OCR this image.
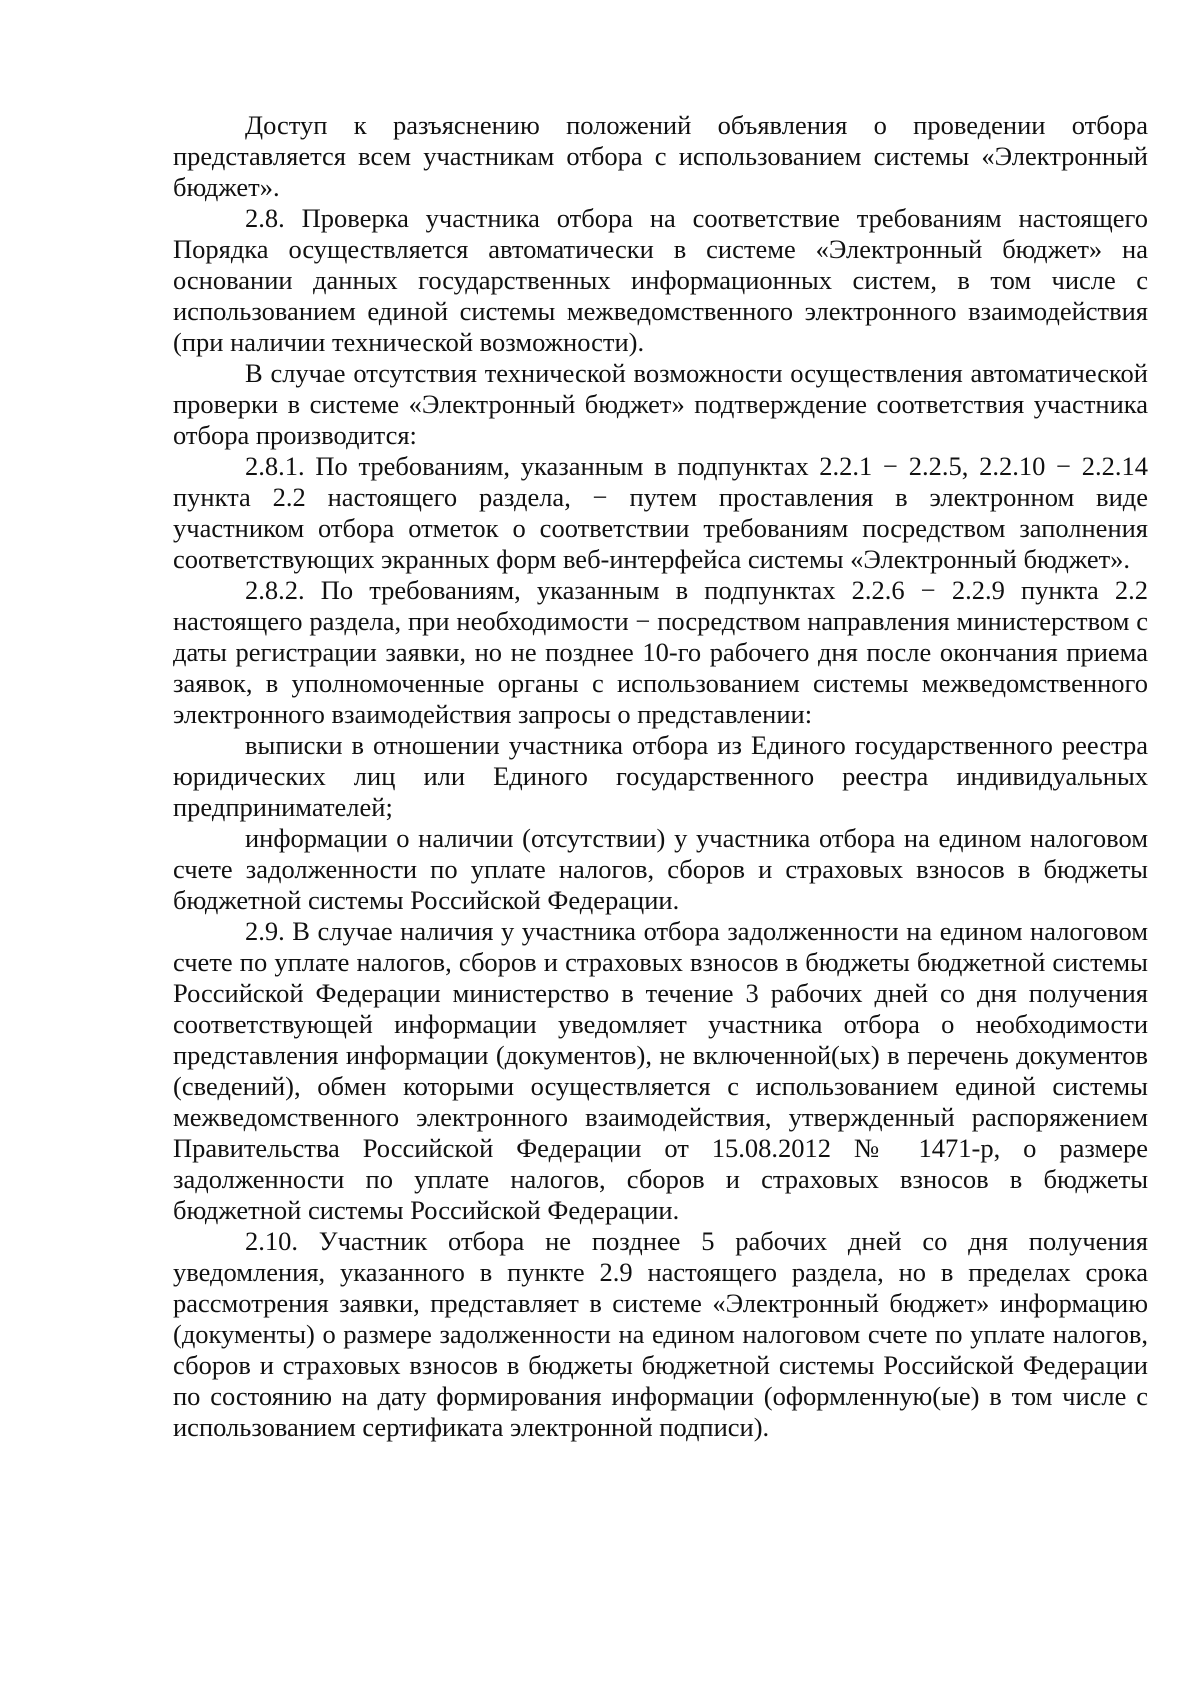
Доступ к разъяснению положений объявления о проведении отбора представляется всем участникам отбора с использованием системы «Электронный бюджет».

2.8. Проверка участника отбора на соответствие требованиям настоящего Порядка осуществляется автоматически в системе «Электронный бюджет» на основании данных государственных информационных систем, в том числе с использованием единой системы межведомственного электронного взаимодействия (при наличии технической возможности).

В случае отсутствия технической возможности осуществления автоматической проверки в системе «Электронный бюджет» подтверждение соответствия участника отбора производится:

2.8.1. По требованиям, указанным в подпунктах 2.2.1 − 2.2.5, 2.2.10 − 2.2.14 пункта 2.2 настоящего раздела, − путем проставления в электронном виде участником отбора отметок о соответствии требованиям посредством заполнения соответствующих экранных форм веб-интерфейса системы «Электронный бюджет».

2.8.2. По требованиям, указанным в подпунктах 2.2.6 − 2.2.9 пункта 2.2 настоящего раздела, при необходимости − посредством направления министерством с даты регистрации заявки, но не позднее 10-го рабочего дня после окончания приема заявок, в уполномоченные органы с использованием системы межведомственного электронного взаимодействия запросы о представлении:

выписки в отношении участника отбора из Единого государственного реестра юридических лиц или Единого государственного реестра индивидуальных предпринимателей;

информации о наличии (отсутствии) у участника отбора на едином налоговом счете задолженности по уплате налогов, сборов и страховых взносов в бюджеты бюджетной системы Российской Федерации.

2.9. В случае наличия у участника отбора задолженности на едином налоговом счете по уплате налогов, сборов и страховых взносов в бюджеты бюджетной системы Российской Федерации министерство в течение 3 рабочих дней со дня получения соответствующей информации уведомляет участника отбора о необходимости представления информации (документов), не включенной(ых) в перечень документов (сведений), обмен которыми осуществляется с использованием единой системы межведомственного электронного взаимодействия, утвержденный распоряжением Правительства Российской Федерации от 15.08.2012 № 1471-р, о размере задолженности по уплате налогов, сборов и страховых взносов в бюджеты бюджетной системы Российской Федерации.

2.10. Участник отбора не позднее 5 рабочих дней со дня получения уведомления, указанного в пункте 2.9 настоящего раздела, но в пределах срока рассмотрения заявки, представляет в системе «Электронный бюджет» информацию (документы) о размере задолженности на едином налоговом счете по уплате налогов, сборов и страховых взносов в бюджеты бюджетной системы Российской Федерации по состоянию на дату формирования информации (оформленную(ые) в том числе с использованием сертификата электронной подписи).
